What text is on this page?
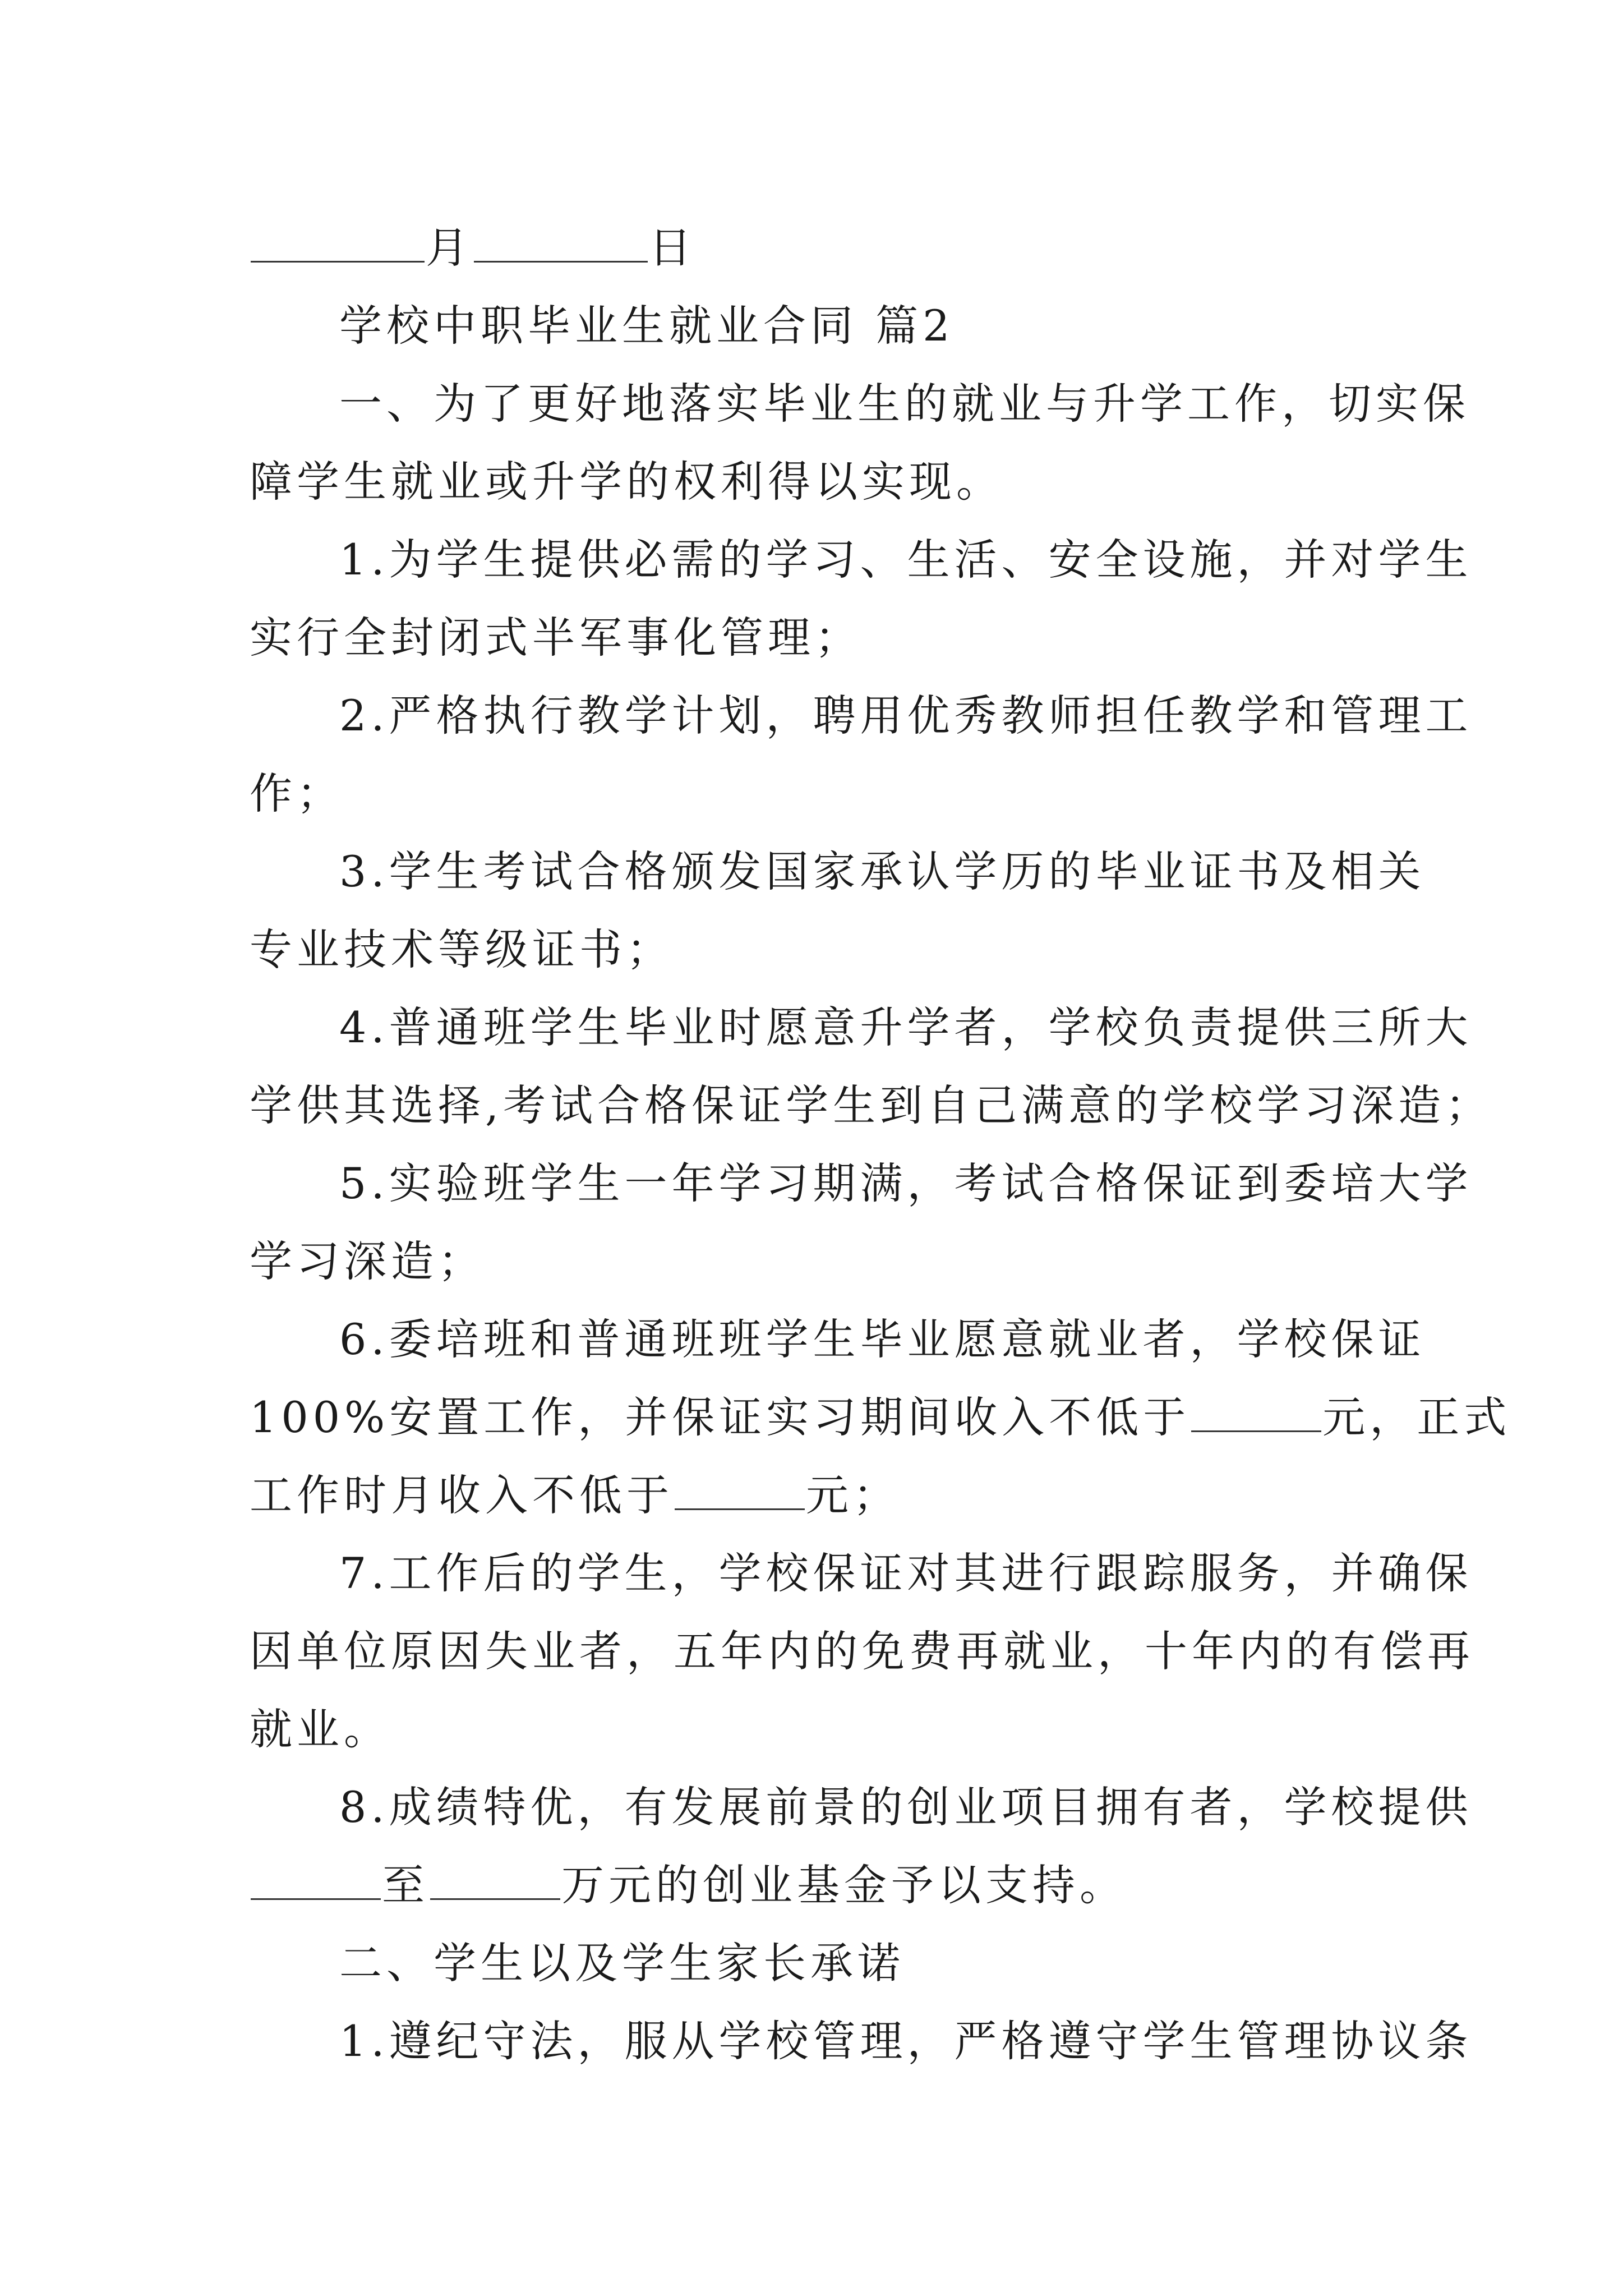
月	日

学校中职毕业生就业合同 篇2

一、为了更好地落实毕业生的就业与升学工作，切实保

障学生就业或升学的权利得以实现。

1.为学生提供必需的学习、生活、安全设施，并对学生

实行全封闭式半军事化管理；

2.严格执行教学计划，聘用优秀教师担任教学和管理工

作；

3.学生考试合格颁发国家承认学历的毕业证书及相关

专业技术等级证书；

4.普通班学生毕业时愿意升学者，学校负责提供三所大

学供其选择,考试合格保证学生到自己满意的学校学习深造；

5.实验班学生一年学习期满，考试合格保证到委培大学

学习深造；

6.委培班和普通班班学生毕业愿意就业者，学校保证

100%安置工作，并保证实习期间收入不低于	元，正式

工作时月收入不低于	元；

7.工作后的学生，学校保证对其进行跟踪服务，并确保

因单位原因失业者，五年内的免费再就业，十年内的有偿再

就业。

8.成绩特优，有发展前景的创业项目拥有者，学校提供

至	万元的创业基金予以支持。

二、学生以及学生家长承诺

1.遵纪守法，服从学校管理，严格遵守学生管理协议条
